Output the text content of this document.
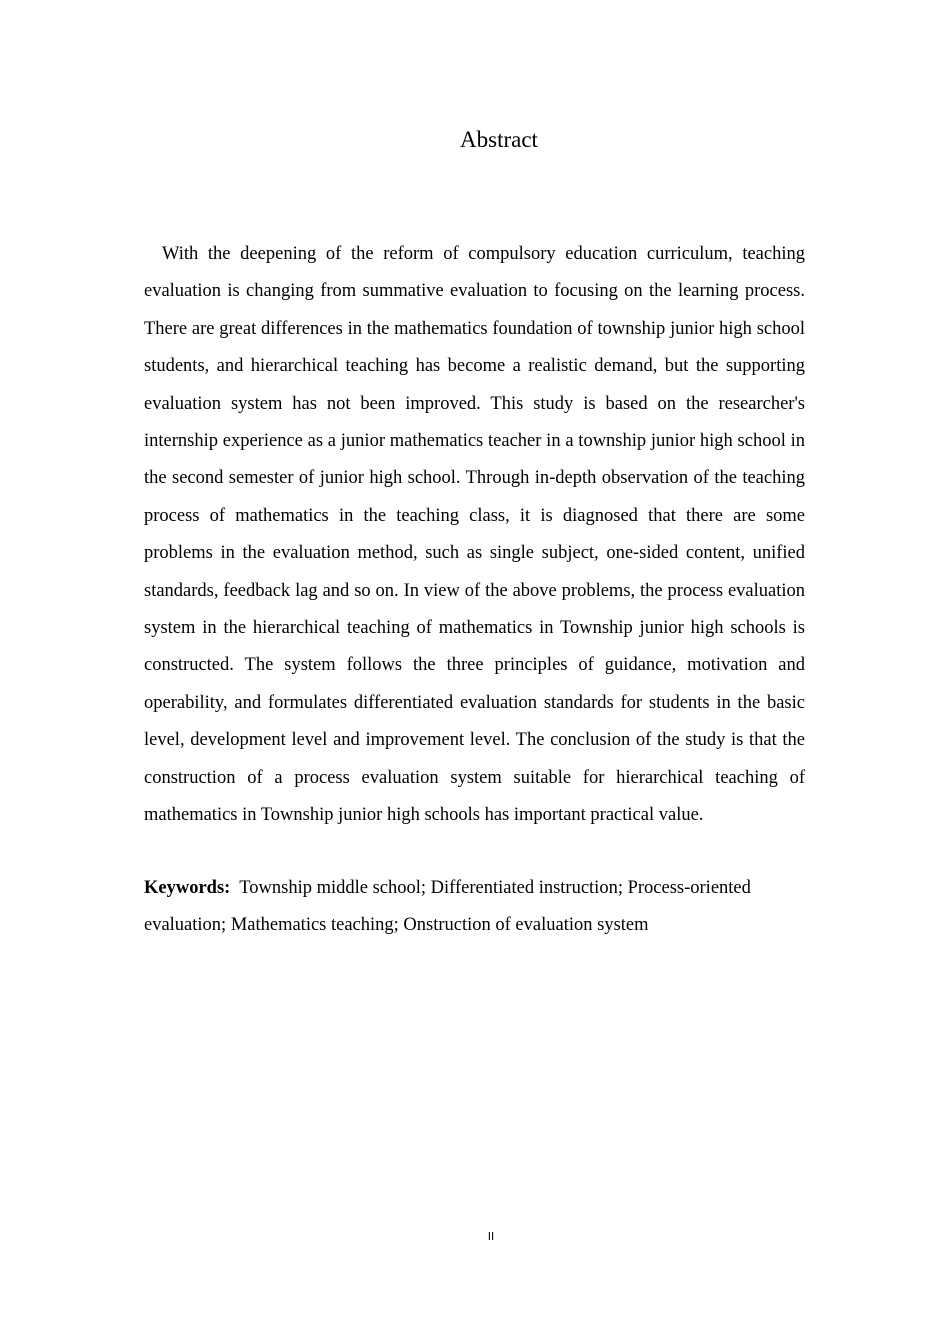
Abstract

With the deepening of the reform of compulsory education curriculum, teaching evaluation is changing from summative evaluation to focusing on the learning process. There are great differences in the mathematics foundation of township junior high school students, and hierarchical teaching has become a realistic demand, but the supporting evaluation system has not been improved. This study is based on the researcher's internship experience as a junior mathematics teacher in a township junior high school in the second semester of junior high school. Through in-depth observation of the teaching process of mathematics in the teaching class, it is diagnosed that there are some problems in the evaluation method, such as single subject, one-sided content, unified standards, feedback lag and so on. In view of the above problems, the process evaluation system in the hierarchical teaching of mathematics in Township junior high schools is constructed. The system follows the three principles of guidance, motivation and operability, and formulates differentiated evaluation standards for students in the basic level, development level and improvement level. The conclusion of the study is that the construction of a process evaluation system suitable for hierarchical teaching of mathematics in Township junior high schools has important practical value.

Keywords: Township middle school; Differentiated instruction; Process-oriented evaluation; Mathematics teaching; Onstruction of evaluation system

II
